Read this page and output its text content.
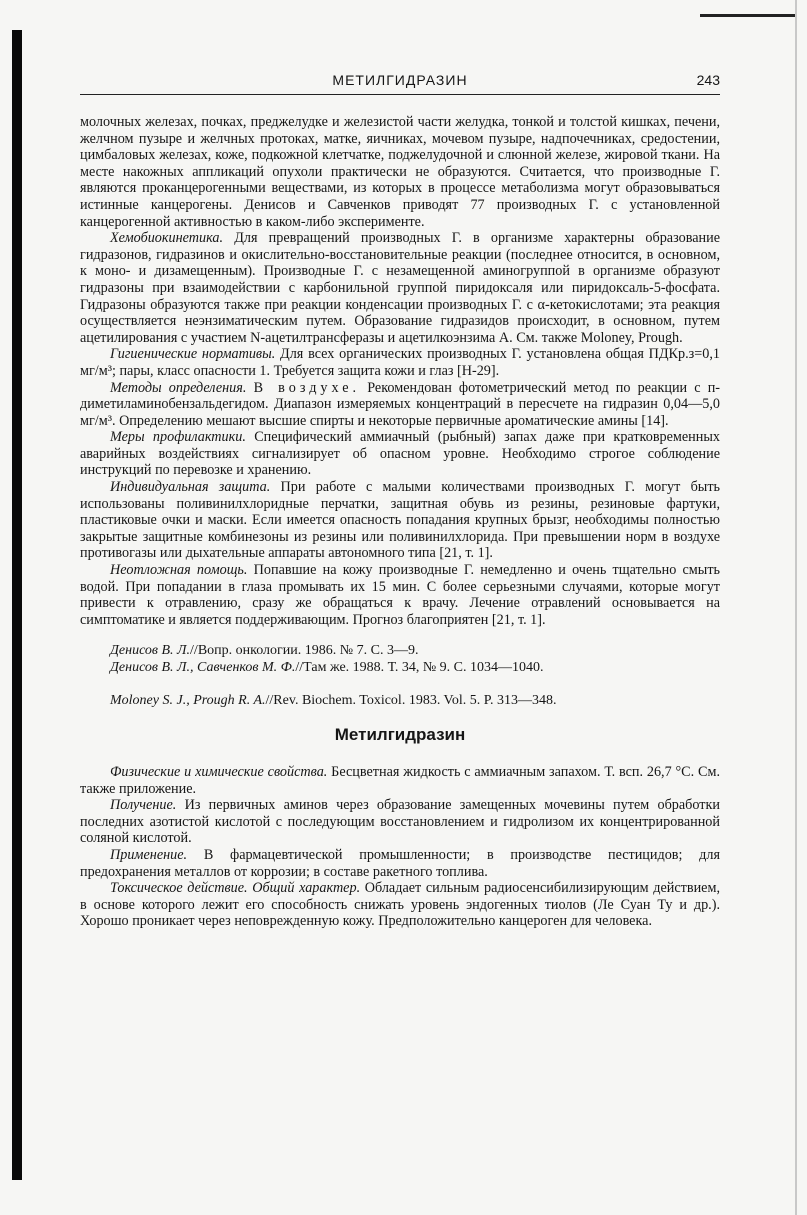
МЕТИЛГИДРАЗИН	243

молочных железах, почках, преджелудке и железистой части желудка, тонкой и толстой кишках, печени, желчном пузыре и желчных протоках, матке, яичниках, мочевом пузыре, надпочечниках, средостении, цимбаловых железах, коже, подкожной клетчатке, поджелудочной и слюнной железе, жировой ткани. На месте накожных аппликаций опухоли практически не образуются. Считается, что производные Г. являются проканцерогенными веществами, из которых в процессе метаболизма могут образовываться истинные канцерогены. Денисов и Савченков приводят 77 производных Г. с установленной канцерогенной активностью в каком-либо эксперименте.

Хемобиокинетика. Для превращений производных Г. в организме характерны образование гидразонов, гидразинов и окислительно-восстановительные реакции (последнее относится, в основном, к моно- и дизамещенным). Производные Г. с незамещенной аминогруппой в организме образуют гидразоны при взаимодействии с карбонильной группой пиридоксаля или пиридоксаль-5-фосфата. Гидразоны образуются также при реакции конденсации производных Г. с α-кетокислотами; эта реакция осуществляется неэнзиматическим путем. Образование гидразидов происходит, в основном, путем ацетилирования с участием N-ацетилтрансферазы и ацетилкоэнзима А. См. также Moloney, Prough.

Гигиенические нормативы. Для всех органических производных Г. установлена общая ПДКр.з=0,1 мг/м³; пары, класс опасности 1. Требуется защита кожи и глаз [Н-29].

Методы определения. В воздухе. Рекомендован фотометрический метод по реакции с п-диметиламинобензальдегидом. Диапазон измеряемых концентраций в пересчете на гидразин 0,04—5,0 мг/м³. Определению мешают высшие спирты и некоторые первичные ароматические амины [14].

Меры профилактики. Специфический аммиачный (рыбный) запах даже при кратковременных аварийных воздействиях сигнализирует об опасном уровне. Необходимо строгое соблюдение инструкций по перевозке и хранению.

Индивидуальная защита. При работе с малыми количествами производных Г. могут быть использованы поливинилхлоридные перчатки, защитная обувь из резины, резиновые фартуки, пластиковые очки и маски. Если имеется опасность попадания крупных брызг, необходимы полностью закрытые защитные комбинезоны из резины или поливинилхлорида. При превышении норм в воздухе противогазы или дыхательные аппараты автономного типа [21, т. 1].

Неотложная помощь. Попавшие на кожу производные Г. немедленно и очень тщательно смыть водой. При попадании в глаза промывать их 15 мин. С более серьезными случаями, которые могут привести к отравлению, сразу же обращаться к врачу. Лечение отравлений основывается на симптоматике и является поддерживающим. Прогноз благоприятен [21, т. 1].

Денисов В. Л.//Вопр. онкологии. 1986. № 7. С. 3—9.

Денисов В. Л., Савченков М. Ф.//Там же. 1988. Т. 34, № 9. С. 1034—1040.

Moloney S. J., Prough R. A.//Rev. Biochem. Toxicol. 1983. Vol. 5. P. 313—348.

Метилгидразин

Физические и химические свойства. Бесцветная жидкость с аммиачным запахом. Т. всп. 26,7 °С. См. также приложение.

Получение. Из первичных аминов через образование замещенных мочевины путем обработки последних азотистой кислотой с последующим восстановлением и гидролизом их концентрированной соляной кислотой.

Применение. В фармацевтической промышленности; в производстве пестицидов; для предохранения металлов от коррозии; в составе ракетного топлива.

Токсическое действие. Общий характер. Обладает сильным радиосенсибилизирующим действием, в основе которого лежит его способность снижать уровень эндогенных тиолов (Ле Суан Ту и др.). Хорошо проникает через неповрежденную кожу. Предположительно канцероген для человека.
